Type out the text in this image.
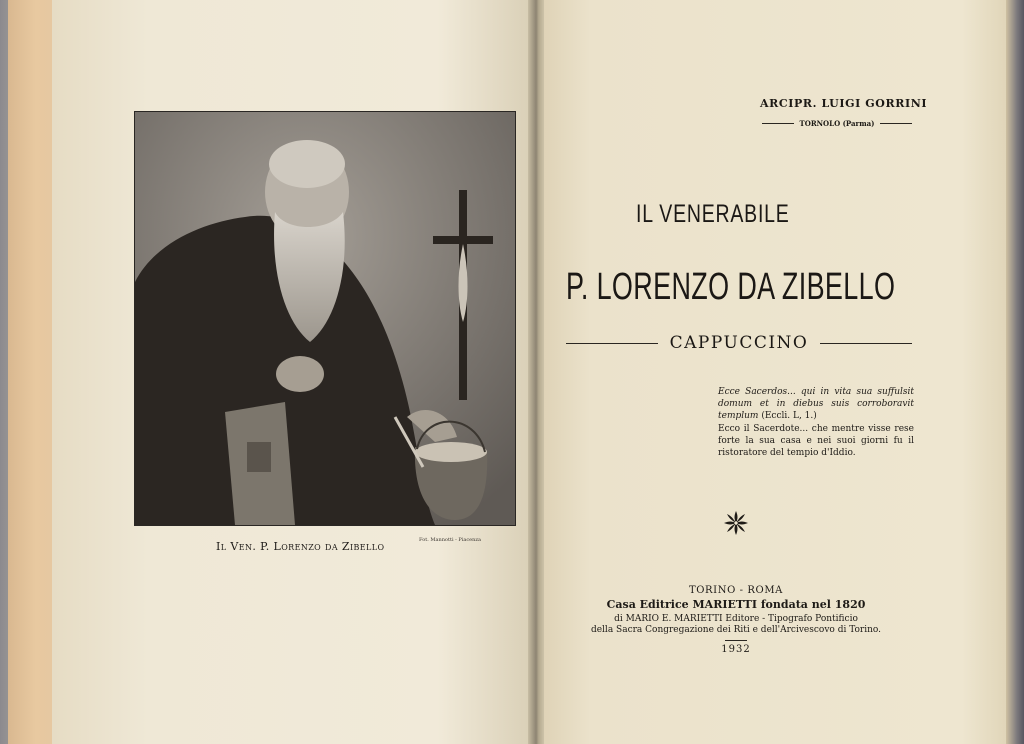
Fot. Mannotti - Piacenza
Il Ven. P. Lorenzo da Zibello
ARCIPR. LUIGI GORRINI
TORNOLO (Parma)
IL VENERABILE
P. LORENZO DA ZIBELLO
CAPPUCCINO
Ecce Sacerdos... qui in vita sua suffulsit domum et in diebus suis corroboravit templum (Eccli. L, 1.)
Ecco il Sacerdote... che mentre visse rese forte la sua casa e nei suoi giorni fu il ristoratore del tempio d'Iddio.
TORINO - ROMA
Casa Editrice MARIETTI fondata nel 1820
di MARIO E. MARIETTI Editore - Tipografo Pontificio
della Sacra Congregazione dei Riti e dell'Arcivescovo di Torino.
1932
